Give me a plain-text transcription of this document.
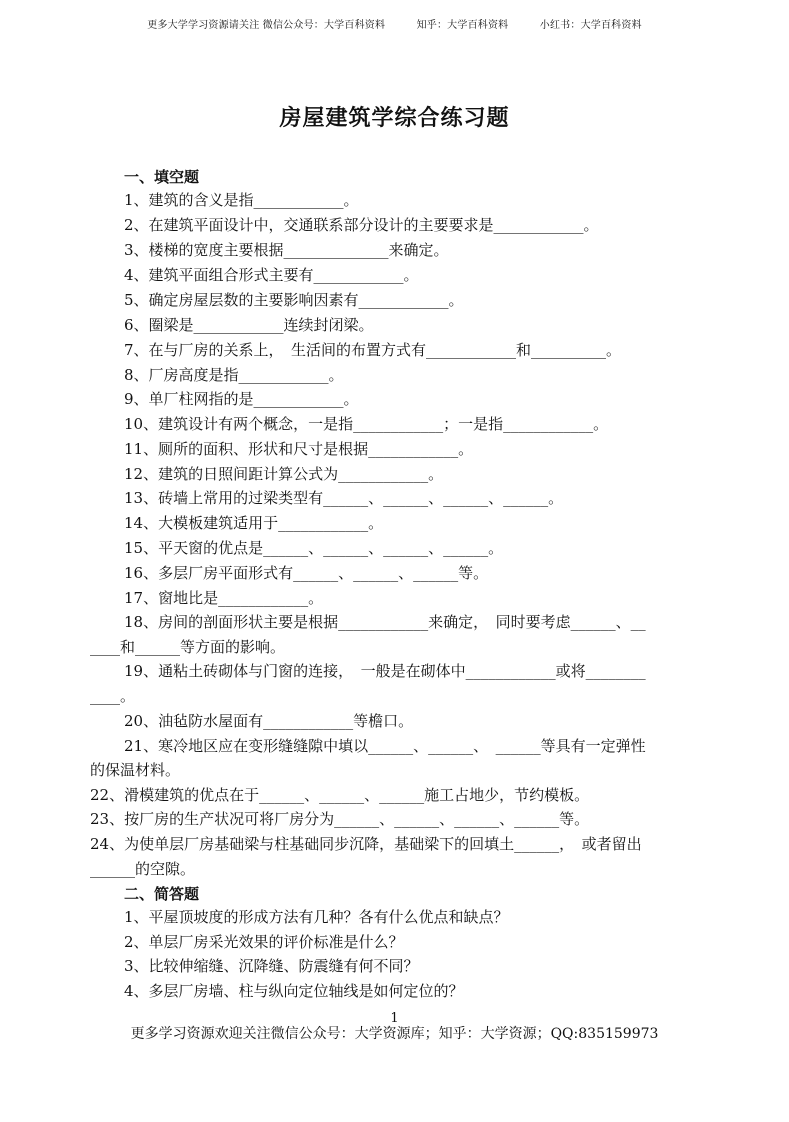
更多大学学习资源请关注 微信公众号：大学百科资料	知乎：大学百科资料	小红书：大学百科资料
房屋建筑学综合练习题
一、填空题
1、建筑的含义是指____________。
2、在建筑平面设计中，交通联系部分设计的主要要求是____________。
3、楼梯的宽度主要根据______________来确定。
4、建筑平面组合形式主要有____________。
5、确定房屋层数的主要影响因素有____________。
6、圈梁是____________连续封闭梁。
7、在与厂房的关系上，　生活间的布置方式有____________和__________。
8、厂房高度是指____________。
9、单厂柱网指的是____________。
10、建筑设计有两个概念，一是指____________；一是指____________。
11、厕所的面积、形状和尺寸是根据____________。
12、建筑的日照间距计算公式为____________。
13、砖墙上常用的过梁类型有______、______、______、______。
14、大模板建筑适用于____________。
15、平天窗的优点是______、______、______、______。
16、多层厂房平面形式有______、______、______等。
17、窗地比是____________。
18、房间的剖面形状主要是根据____________来确定，　同时要考虑______、__
____和______等方面的影响。
19、通粘土砖砌体与门窗的连接，　一般是在砌体中____________或将________
____。
20、油毡防水屋面有____________等檐口。
21、寒冷地区应在变形缝缝隙中填以______、______、　______等具有一定弹性
的保温材料。
22、滑模建筑的优点在于______、______、______施工占地少，节约模板。
23、按厂房的生产状况可将厂房分为______、______、______、______等。
24、为使单层厂房基础梁与柱基础同步沉降，基础梁下的回填土______，　或者留出
______的空隙。
二、简答题
1、平屋顶坡度的形成方法有几种？各有什么优点和缺点？
2、单层厂房采光效果的评价标准是什么？
3、比较伸缩缝、沉降缝、防震缝有何不同？
4、多层厂房墙、柱与纵向定位轴线是如何定位的？
1
更多学习资源欢迎关注微信公众号：大学资源库；知乎：大学资源；QQ:835159973
